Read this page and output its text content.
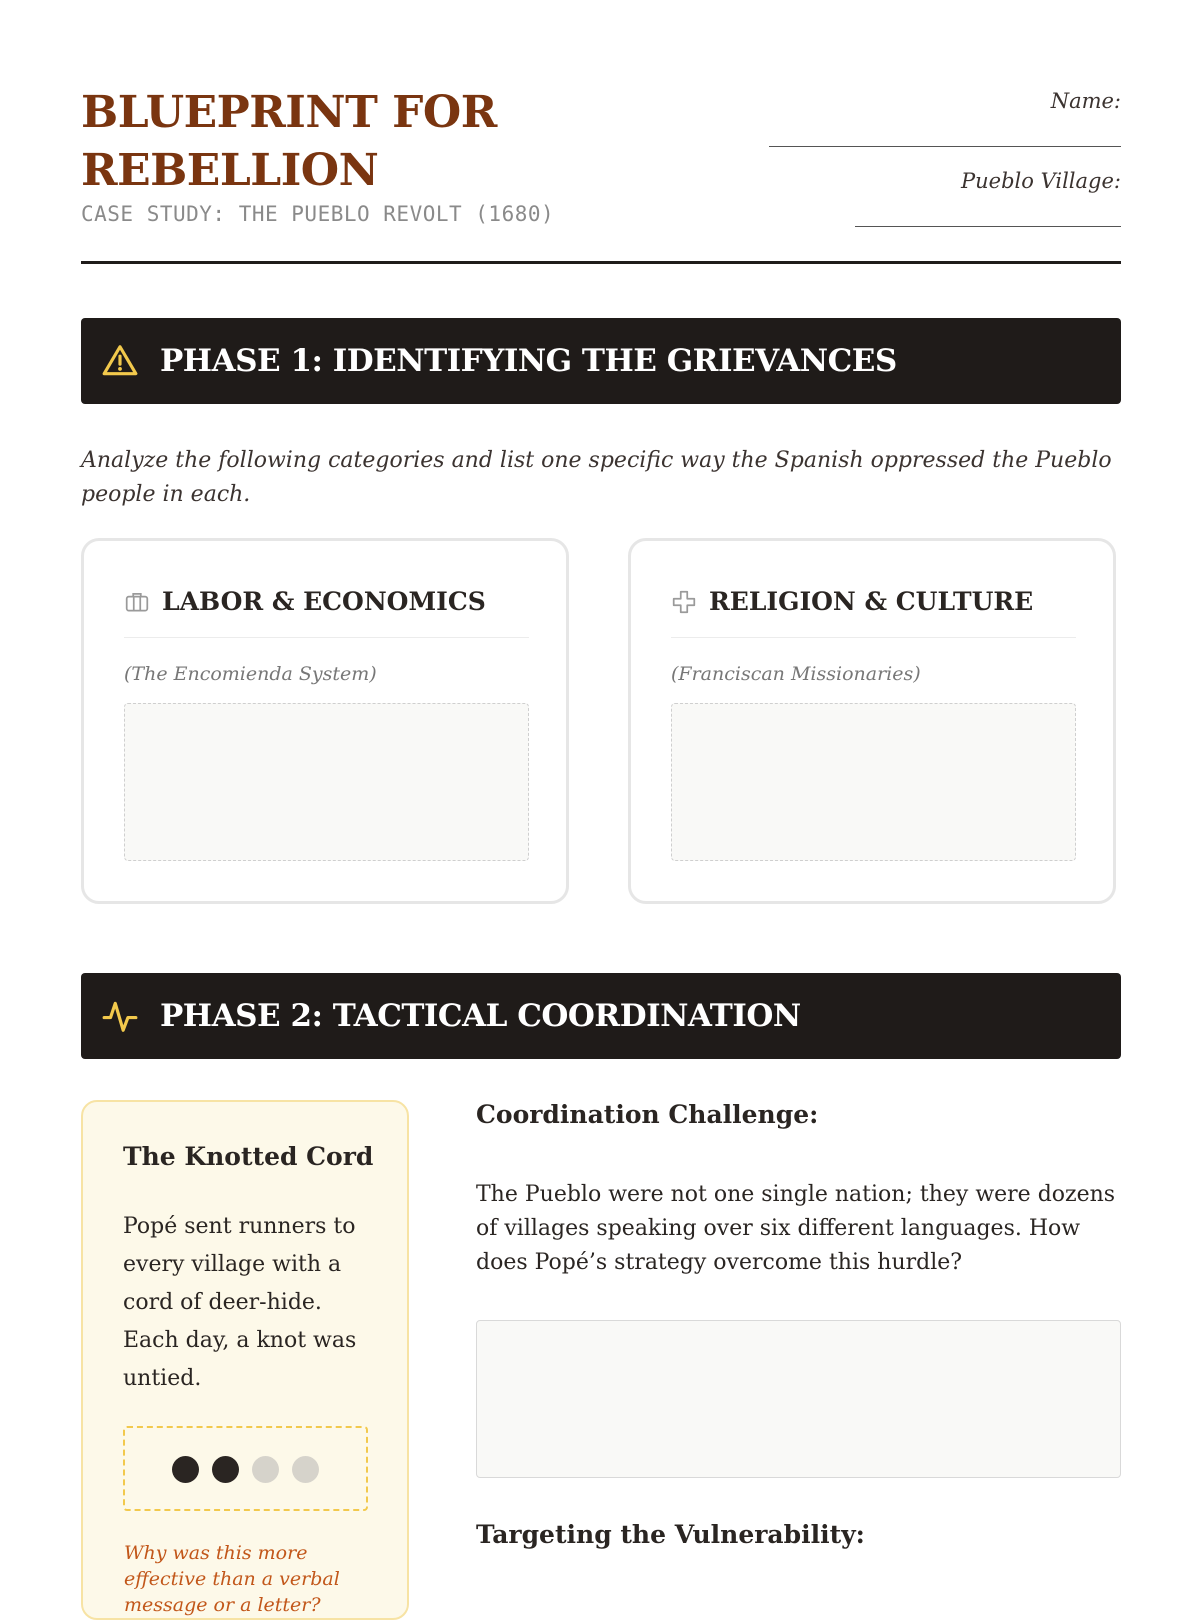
BLUEPRINT FOR
REBELLION
CASE STUDY: THE PUEBLO REVOLT (1680)
Name:
Pueblo Village:
PHASE 1: IDENTIFYING THE GRIEVANCES
Analyze the following categories and list one specific way the Spanish oppressed the Pueblo people in each.
LABOR & ECONOMICS
(The Encomienda System)
RELIGION & CULTURE
(Franciscan Missionaries)
PHASE 2: TACTICAL COORDINATION
The Knotted Cord
Popé sent runners to every village with a cord of deer-hide. Each day, a knot was untied.
Why was this more effective than a verbal message or a letter?
Coordination Challenge:
The Pueblo were not one single nation; they were dozens of villages speaking over six different languages. How does Popé’s strategy overcome this hurdle?
Targeting the Vulnerability:
